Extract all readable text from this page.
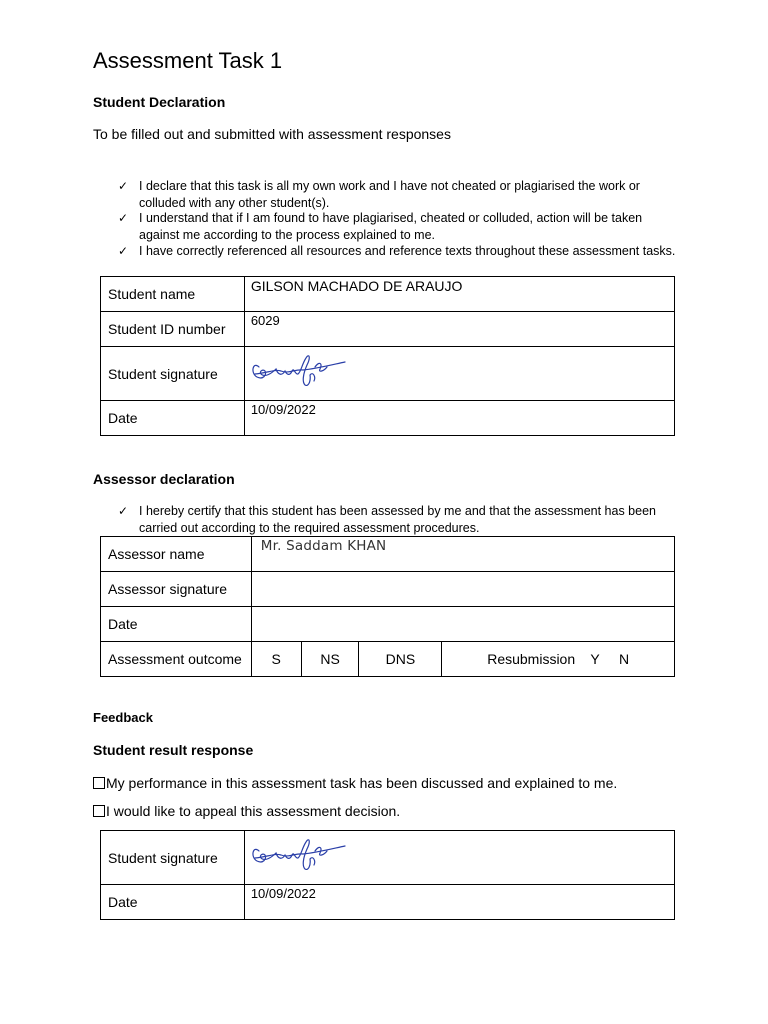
Assessment Task 1
Student Declaration
To be filled out and submitted with assessment responses
✓ I declare that this task is all my own work and I have not cheated or plagiarised the work or colluded with any other student(s).
✓ I understand that if I am found to have plagiarised, cheated or colluded, action will be taken against me according to the process explained to me.
✓ I have correctly referenced all resources and reference texts throughout these assessment tasks.
Student name	GILSON MACHADO DE ARAUJO
Student ID number	6029
Student signature	

Date	10/09/2022
Assessor declaration
✓ I hereby certify that this student has been assessed by me and that the assessment has been carried out according to the required assessment procedures.
Assessor name	Mr. Saddam KHAN			
Assessor signature				
Date				
Assessment outcome	S	NS	DNS	Resubmission    Y     N
Feedback
Student result response
My performance in this assessment task has been discussed and explained to me.
I would like to appeal this assessment decision.
Student signature	

Date	10/09/2022
